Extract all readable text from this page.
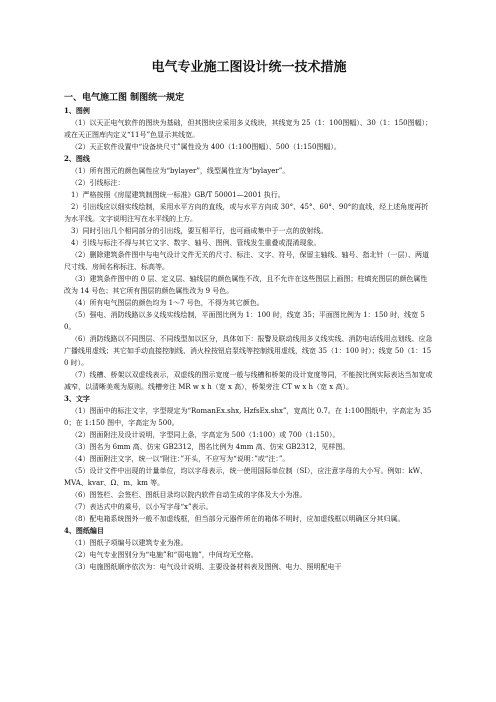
电气专业施工图设计统一技术措施
一、电气施工图 制图统一规定
1、图例
（1）以天正电气软件的图块为基础，但其图块应采用多义线块，其线宽为 25（1：100图幅）、30（1：150图幅）；或在天正图库内定义“11号”色显示其线宽。
（2）天正软件设置中“设备块尺寸”属性设为 400（1:100图幅）、500（1:150图幅）。
2、图线
（1）所有图元的颜色属性应为“bylayer”，线型属性宜为“bylayer”。
（2）引线标注：
1）严格按照《房屋建筑制图统一标准》GB/T 50001—2001 执行。
2）引出线应以细实线绘制，采用水平方向的直线，或与水平方向成 30°、45°、60°、90°的直线，经上述角度再折为水平线。文字说明注写在水平线的上方。
3）同时引出几个相同部分的引出线，要互相平行，也可画成集中于一点的放射线。
4）引线与标注不得与其它文字、数字、轴号、图例、管线发生重叠或混淆现象。
（2）删除建筑条件图中与电气设计文件无关的尺寸、标注、文字、符号，保留主轴线、轴号、指北针（一层）、两道尺寸线、房间名称标注、标高等。
（3）建筑条件图中的 0 层、定义层、轴线层的颜色属性不改，且不允许在这些图层上画图；柱填充图层的颜色属性改为 14 号色；其它所有图层的颜色属性改为 9 号色。
（4）所有电气图层的颜色均为 1～7 号色，不得为其它颜色。
（5）强电、消防线路以多义线实线绘制，平面图比例为 1：100 时，线宽 35；平面图比例为 1：150 时，线宽 50。
（6）消防线路以不同图层、不同线型加以区分，具体如下：报警及联动线用多义线实线、消防电话线用点划线、应急广播线用虚线；其它如手动直接控制线、消火栓按钮启泵线等控制线用虚线，线宽 35（1：100 时）；线宽 50（1：150 时）。
（7）线槽、桥架以双虚线表示，双虚线的图示宽度一般与线槽和桥架的设计宽度等同，不能按比例实际表达当加宽或减窄，以清晰美观为原则。线槽旁注 MR w x h（宽 x 高），桥架旁注 CT w x h（宽 x 高）。
3、文字
（1）图面中的标注文字，字型规定为“RomanEx.shx, HzfsEx.shx”，宽高比 0.7。在 1:100图纸中，字高定为 350；在 1:150 图中，字高定为 500。
（2）图面附注及设计说明，字型同上条，字高定为 500（1:100）或 700（1:150）。
（3）图名为 6mm 高、仿宋 GB2312，图名比例为 4mm 高、仿宋 GB2312，见样图。
（4）图面附注文字，统一以“附注：”开头，不应写为“说明：”或“注：”。
（5）设计文件中出现的计量单位，均以字母表示，统一使用国际单位制（SI），应注意字母的大小写。例如：kW、MVA、kvar、Ω、m、km 等。
（6）图签栏、会签栏、图纸目录均以院内软件自动生成的字体及大小为准。
（7）表达式中的乘号，以小写字母“x”表示。
（8）配电箱系统图外一般不加虚线框，但当部分元器件所在的箱体不明时，应加虚线框以明确区分其归属。
4、图纸编目
（1）图纸子项编号以建筑专业为准。
（2）电气专业图别分为“电施”和“弱电施”，中间均无空格。
（3）电施图纸顺序依次为：电气设计说明、主要设备材料表及图例、电力、照明配电干
